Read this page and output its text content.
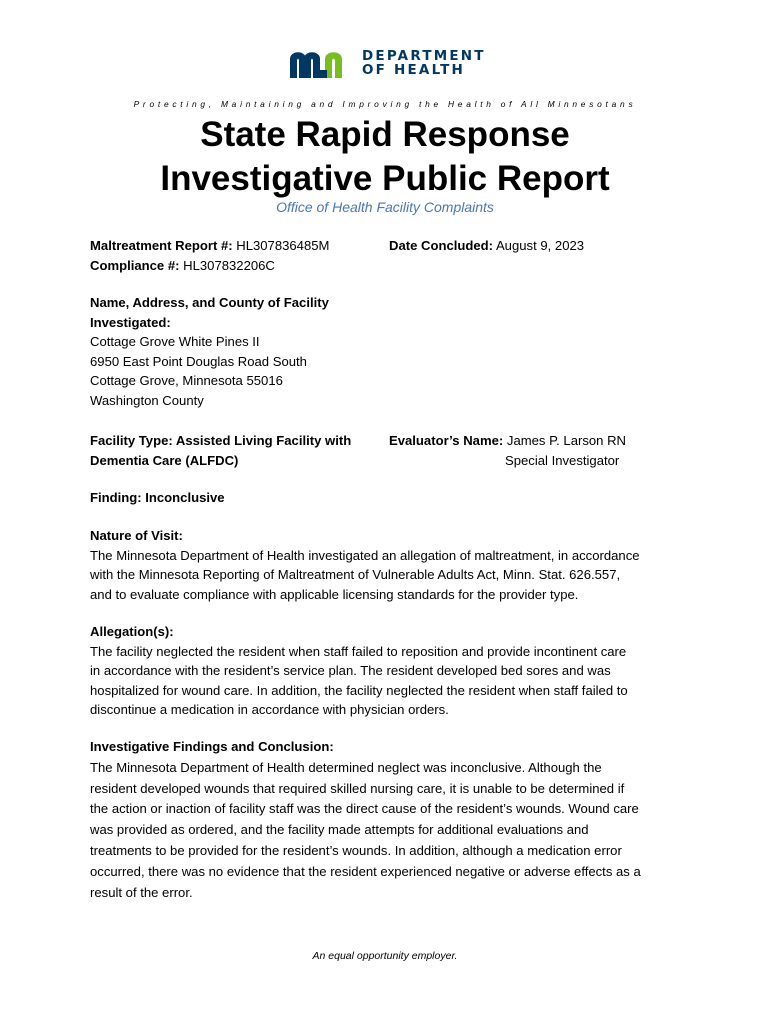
DEPARTMENT
OF HEALTH
Protecting, Maintaining and Improving the Health of All Minnesotans
State Rapid Response
Investigative Public Report
Office of Health Facility Complaints
Maltreatment Report #: HL307836485M
Compliance #: HL307832206C
Date Concluded: August 9, 2023
Name, Address, and County of Facility
Investigated:
Cottage Grove White Pines II
6950 East Point Douglas Road South
Cottage Grove, Minnesota 55016
Washington County
Facility Type: Assisted Living Facility with
Dementia Care (ALFDC)
Evaluator’s Name: James P. Larson RN
Special Investigator
Finding: Inconclusive
Nature of Visit:
The Minnesota Department of Health investigated an allegation of maltreatment, in accordance
with the Minnesota Reporting of Maltreatment of Vulnerable Adults Act, Minn. Stat. 626.557,
and to evaluate compliance with applicable licensing standards for the provider type.
Allegation(s):
The facility neglected the resident when staff failed to reposition and provide incontinent care
in accordance with the resident’s service plan. The resident developed bed sores and was
hospitalized for wound care. In addition, the facility neglected the resident when staff failed to
discontinue a medication in accordance with physician orders.
Investigative Findings and Conclusion:
The Minnesota Department of Health determined neglect was inconclusive. Although the
resident developed wounds that required skilled nursing care, it is unable to be determined if
the action or inaction of facility staff was the direct cause of the resident’s wounds. Wound care
was provided as ordered, and the facility made attempts for additional evaluations and
treatments to be provided for the resident’s wounds. In addition, although a medication error
occurred, there was no evidence that the resident experienced negative or adverse effects as a
result of the error.
An equal opportunity employer.
